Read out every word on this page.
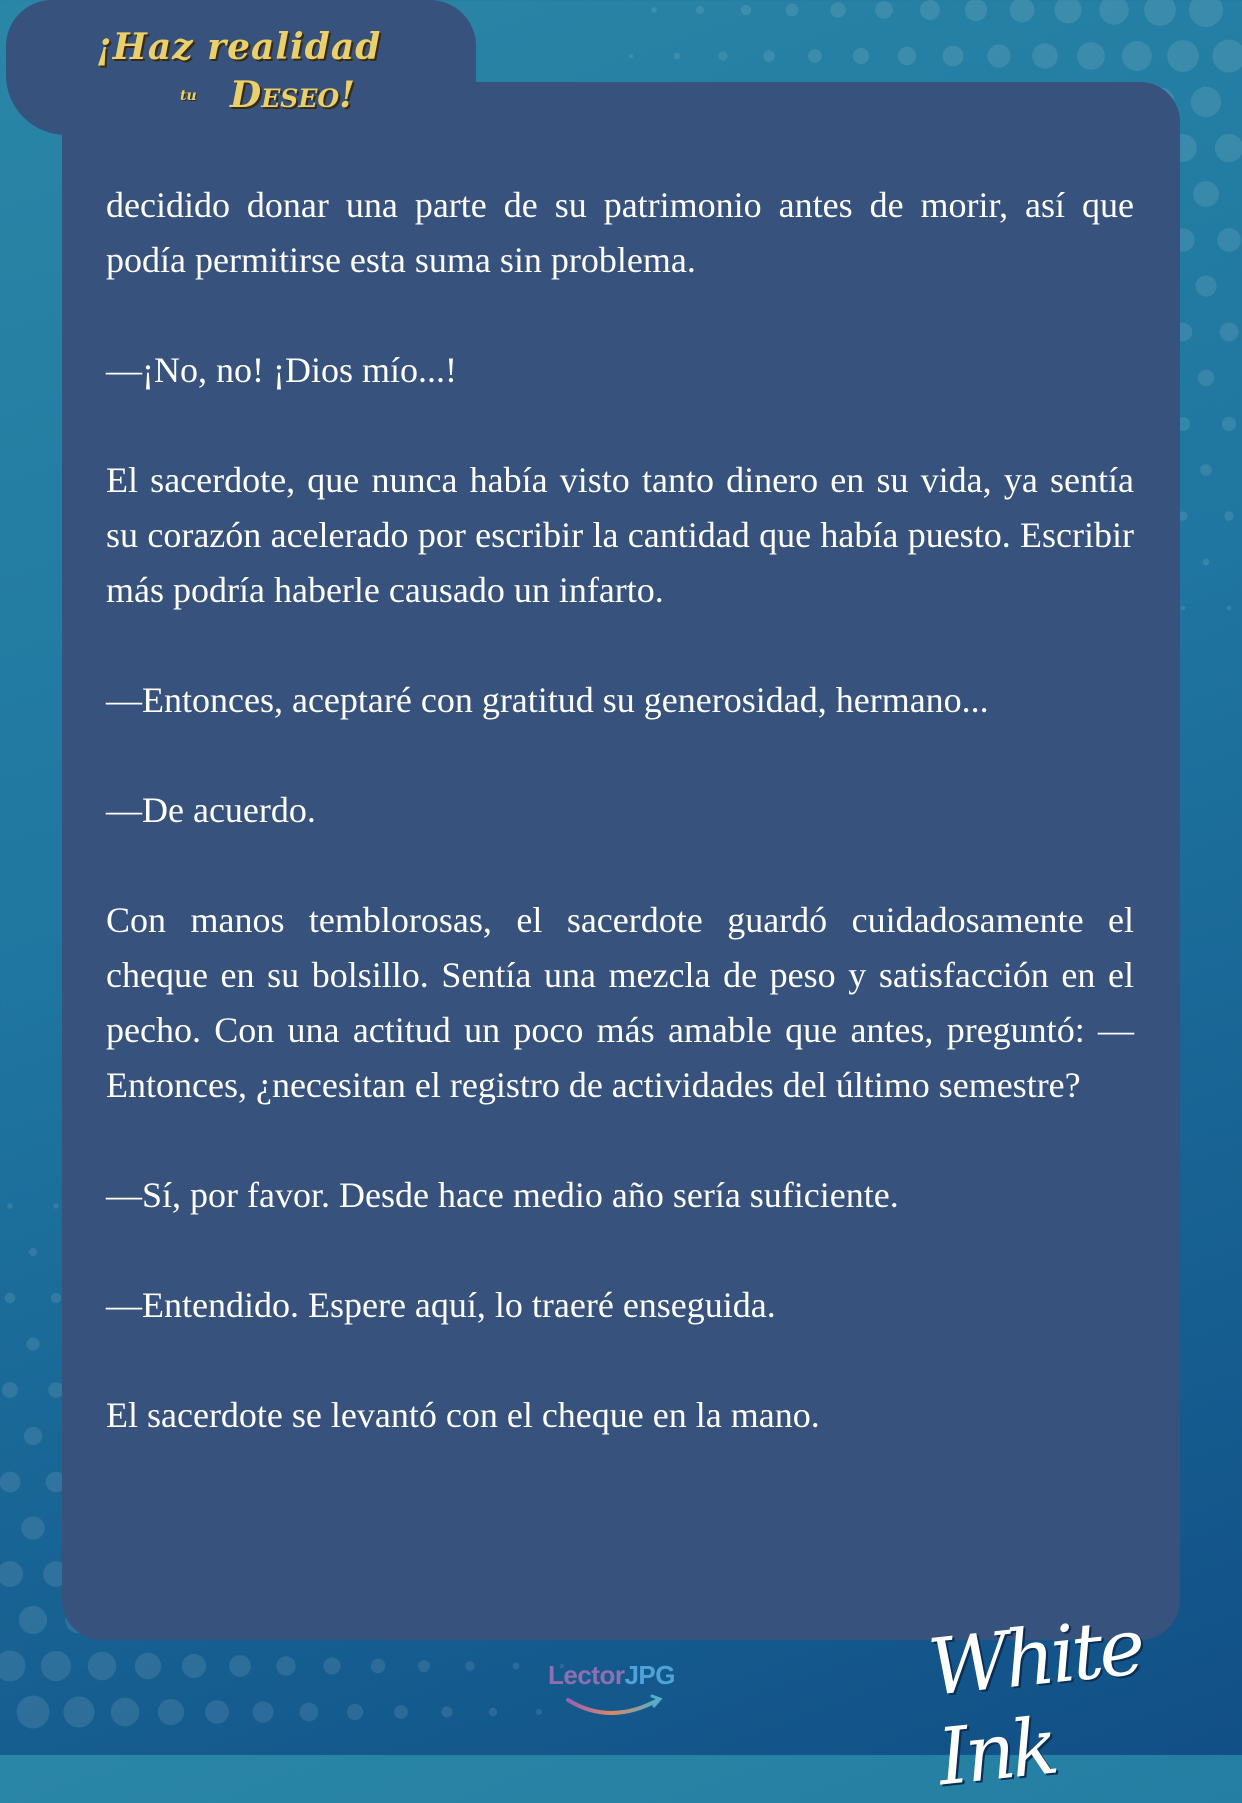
¡Haz realidad
tu Deseo!

decidido donar una parte de su patrimonio antes de morir, así que podía permitirse esta suma sin problema.

—¡No, no! ¡Dios mío...!

El sacerdote, que nunca había visto tanto dinero en su vida, ya sentía su corazón acelerado por escribir la cantidad que había puesto. Escribir más podría haberle causado un infarto.

—Entonces, aceptaré con gratitud su generosidad, hermano...

—De acuerdo.

Con manos temblorosas, el sacerdote guardó cuidadosamente el cheque en su bolsillo. Sentía una mezcla de peso y satisfacción en el pecho. Con una actitud un poco más amable que antes, preguntó: —Entonces, ¿necesitan el registro de actividades del último semestre?

—Sí, por favor. Desde hace medio año sería suficiente.

—Entendido. Espere aquí, lo traeré enseguida.

El sacerdote se levantó con el cheque en la mano.

LectorJPG	White Ink
